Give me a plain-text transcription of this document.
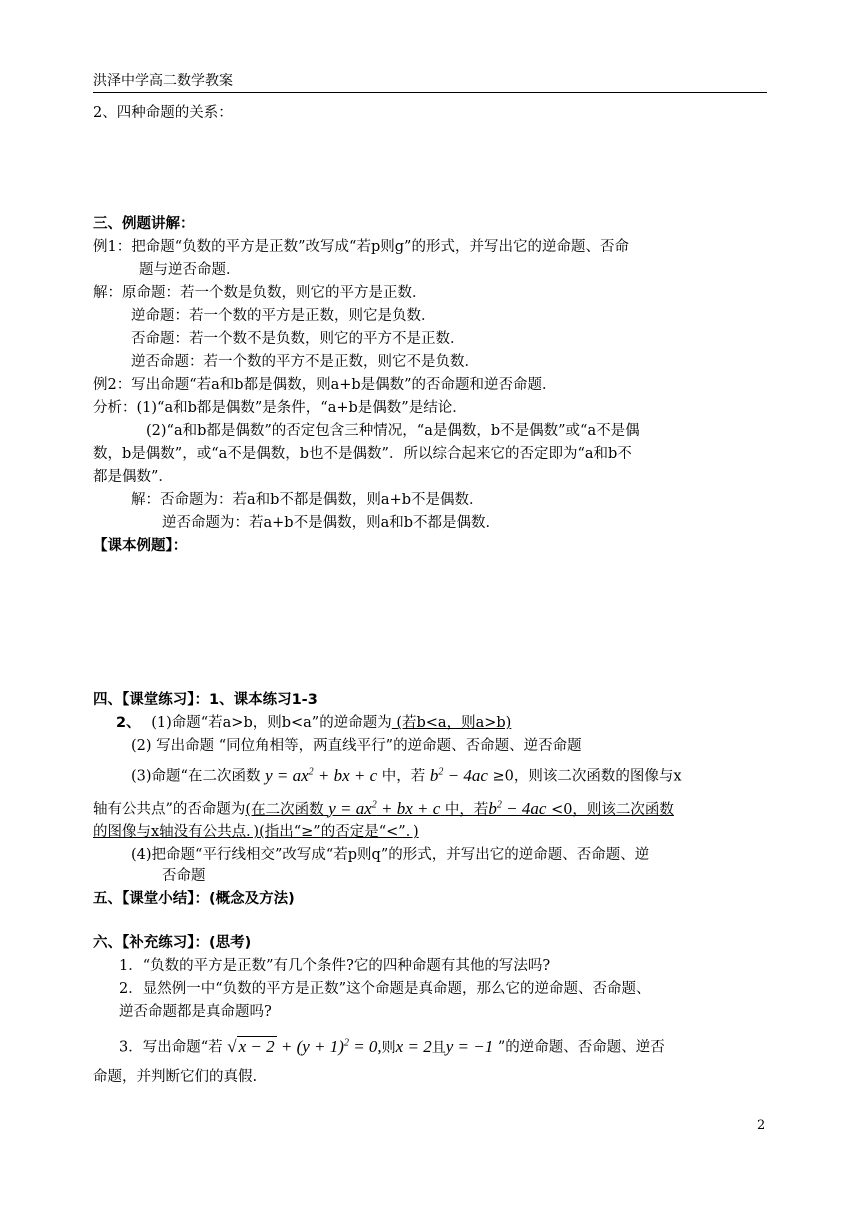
洪泽中学高二数学教案
2、四种命题的关系：
三、例题讲解：
例1：把命题“负数的平方是正数”改写成“若p则g”的形式，并写出它的逆命题、否命
题与逆否命题．
解：原命题：若一个数是负数，则它的平方是正数．
逆命题：若一个数的平方是正数，则它是负数．
否命题：若一个数不是负数，则它的平方不是正数．
逆否命题：若一个数的平方不是正数，则它不是负数．
例2：写出命题“若a和b都是偶数，则a+b是偶数”的否命题和逆否命题．
分析：(1)“a和b都是偶数”是条件，“a+b是偶数”是结论．
(2)“a和b都是偶数”的否定包含三种情况，“a是偶数，b不是偶数”或“a不是偶
数，b是偶数”，或“a不是偶数，b也不是偶数”．所以综合起来它的否定即为“a和b不
都是偶数”．
解：否命题为：若a和b不都是偶数，则a+b不是偶数．
逆否命题为：若a+b不是偶数，则a和b不都是偶数．
【课本例题】：
四、【课堂练习】：1、课本练习1-3
2、 (1)命题“若a>b，则b<a”的逆命题为 (若b<a，则a>b)
(2) 写出命题 “同位角相等，两直线平行”的逆命题、否命题、逆否命题
(3)命题“在二次函数 $y = ax^2$ + bx + c 中，若 $b^2 - 4ac \ge 0$，则该二次函数的图像与x
轴有公共点”的否命题为(在二次函数 $y = ax^2$ + bx + c 中，若$b^2 - 4ac <0$，则该二次函数
的图像与x轴没有公共点．)(指出“≥”的否定是“<”．)
(4)把命题“平行线相交”改写成“若p则q”的形式，并写出它的逆命题、否命题、逆
否命题
五、【课堂小结】：(概念及方法)
六、【补充练习】：(思考)
1．“负数的平方是正数”有几个条件?它的四种命题有其他的写法吗?
2．显然例一中“负数的平方是正数”这个命题是真命题，那么它的逆命题、否命题、
逆否命题都是真命题吗?
3．写出命题“若 √ $x - 2 + (y + 1)^2 = 0$,则x = 2且y = −1 ”的逆命题、否命题、逆否
命题，并判断它们的真假.
2
